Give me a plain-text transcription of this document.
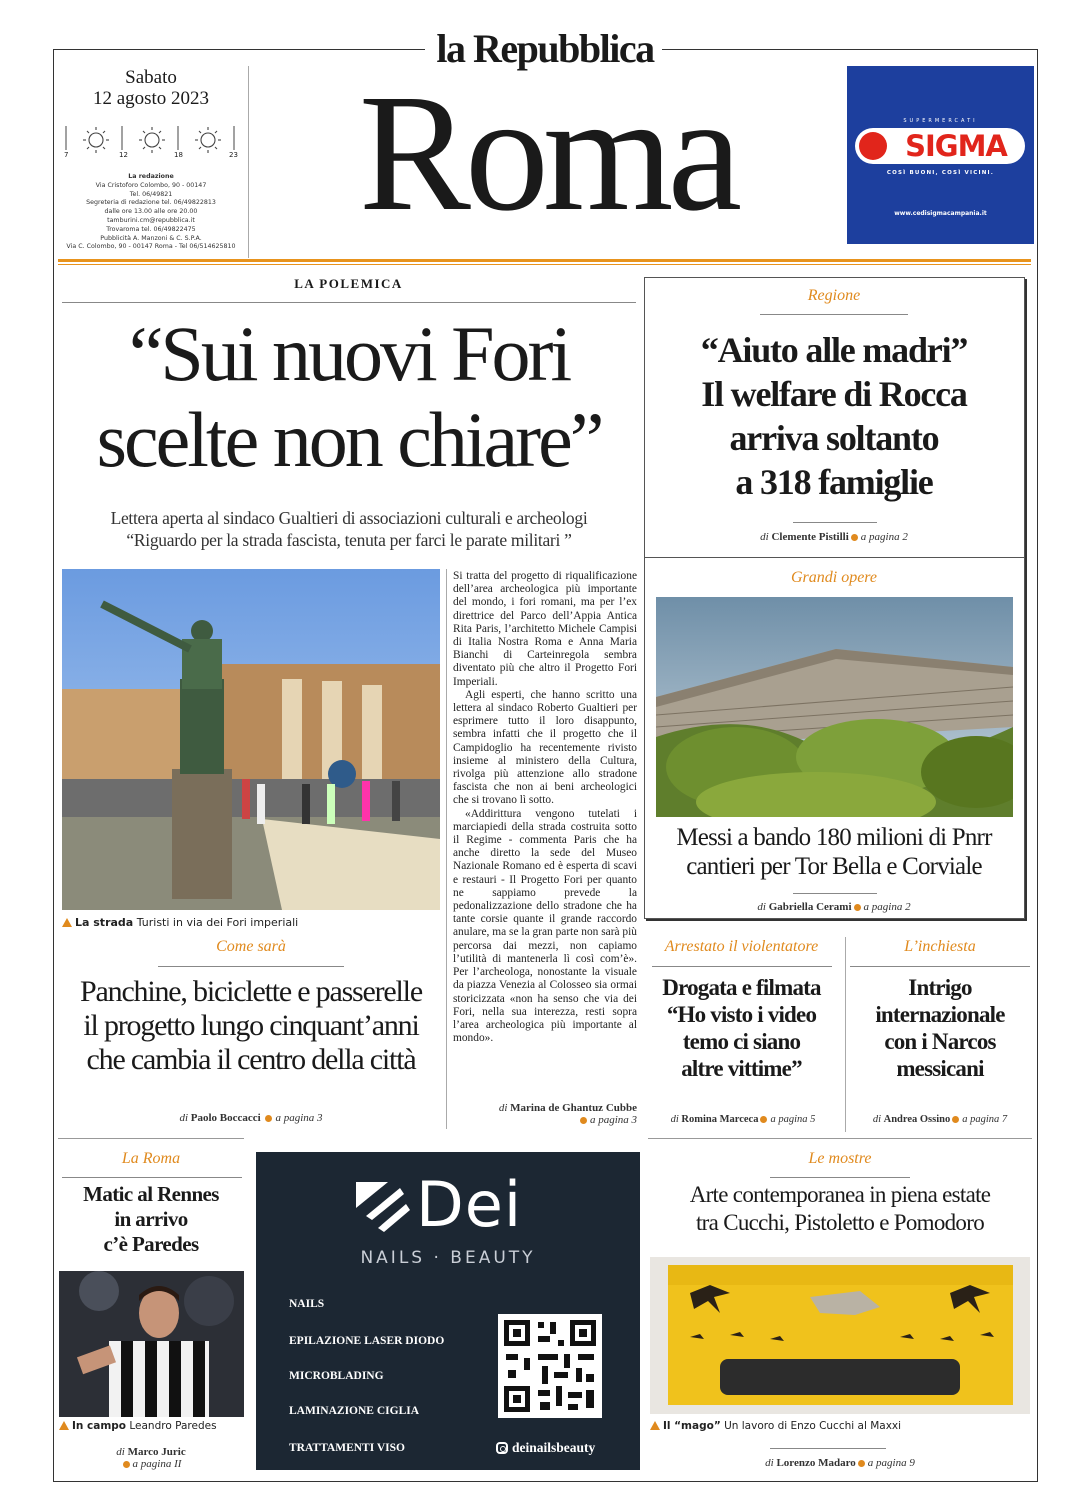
la Repubblica
Roma
Sabato
12 agosto 2023
7	12	18	23
La redazione
Via Cristoforo Colombo, 90 - 00147
Tel. 06/49821
Segreteria di redazione tel. 06/49822813
dalle ore 13.00 alle ore 20.00
tamburini.cm@repubblica.it
Trovaroma tel. 06/49822475
Pubblicità A. Manzoni & C. S.P.A.
Via C. Colombo, 90 - 00147 Roma - Tel 06/514625810
SUPERMERCATI
SIGMA
COSÌ BUONI, COSÌ VICINI.
www.cedisigmacampania.it
LA POLEMICA
“Sui nuovi Fori
scelte non chiare”
Lettera aperta al sindaco Gualtieri di associazioni culturali e archeologi
“Riguardo per la strada fascista, tenuta per farci le parate militari ”
La strada Turisti in via dei Fori imperiali
Si tratta del progetto di riqualificazione dell’area archeologica più importante del mondo, i fori romani, ma per l’ex direttrice del Parco dell’Appia Antica Rita Paris, l’architetto Michele Campisi di Italia Nostra Roma e Anna Maria Bianchi di Carteinregola sembra diventato più che altro il Progetto Fori Imperiali.
Agli esperti, che hanno scritto una lettera al sindaco Roberto Gualtieri per esprimere tutto il loro disappunto, sembra infatti che il progetto che il Campidoglio ha recentemente rivisto insieme al ministero della Cultura, rivolga più attenzione allo stradone fascista che non ai beni archeologici che si trovano lì sotto.
«Addirittura vengono tutelati i marciapiedi della strada costruita sotto il Regime - commenta Paris che ha anche diretto la sede del Museo Nazionale Romano ed è esperta di scavi e restauri - Il Progetto Fori per quanto ne sappiamo prevede la pedonalizzazione dello stradone che ha tante corsie quante il grande raccordo anulare, ma se la gran parte non sarà più percorsa dai mezzi, non capiamo l’utilità di mantenerla lì così com’è». Per l’archeologa, nonostante la visuale da piazza Venezia al Colosseo sia ormai storicizzata «non ha senso che via dei Fori, nella sua interezza, resti sopra l’area archeologica più importante al mondo».
di Marina de Ghantuz Cubbe
a pagina 3
Come sarà
Panchine, biciclette e passerelle
il progetto lungo cinquant’anni
che cambia il centro della città
di Paolo Boccacci a pagina 3
Regione
“Aiuto alle madri”
Il welfare di Rocca
arriva soltanto
a 318 famiglie
di Clemente Pistilli a pagina 2
Grandi opere
Messi a bando 180 milioni di Pnrr
cantieri per Tor Bella e Corviale
di Gabriella Cerami a pagina 2
Arrestato il violentatore
Drogata e filmata
“Ho visto i video
temo ci siano
altre vittime”
di Romina Marceca a pagina 5
L’inchiesta
Intrigo
internazionale
con i Narcos
messicani
di Andrea Ossino a pagina 7
La Roma
Matic al Rennes
in arrivo
c’è Paredes
In campo Leandro Paredes
di Marco Juric
a pagina II
Dei
NAILS · BEAUTY
NAILS
EPILAZIONE LASER DIODO
MICROBLADING
LAMINAZIONE CIGLIA
TRATTAMENTI VISO	deinailsbeauty
Le mostre
Arte contemporanea in piena estate
tra Cucchi, Pistoletto e Pomodoro
Il “mago” Un lavoro di Enzo Cucchi al Maxxi
di Lorenzo Madaro a pagina 9
